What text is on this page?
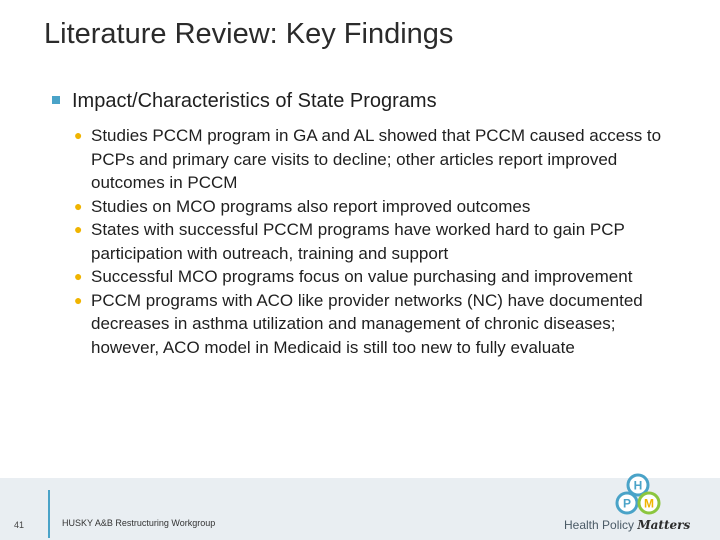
Literature Review: Key Findings
Impact/Characteristics of State Programs
● Studies PCCM program in GA and AL showed that PCCM caused access to PCPs and primary care visits to decline; other articles report improved outcomes in PCCM
● Studies on MCO programs also report improved outcomes
● States with successful PCCM programs have worked hard to gain PCP participation with outreach, training and support
● Successful MCO programs focus on value purchasing and improvement
● PCCM programs with ACO like provider networks (NC) have documented decreases in asthma utilization and management of chronic diseases; however, ACO model in Medicaid is still too new to fully evaluate
41	HUSKY A&B Restructuring Workgroup
H
P M
Health Policy Matters
